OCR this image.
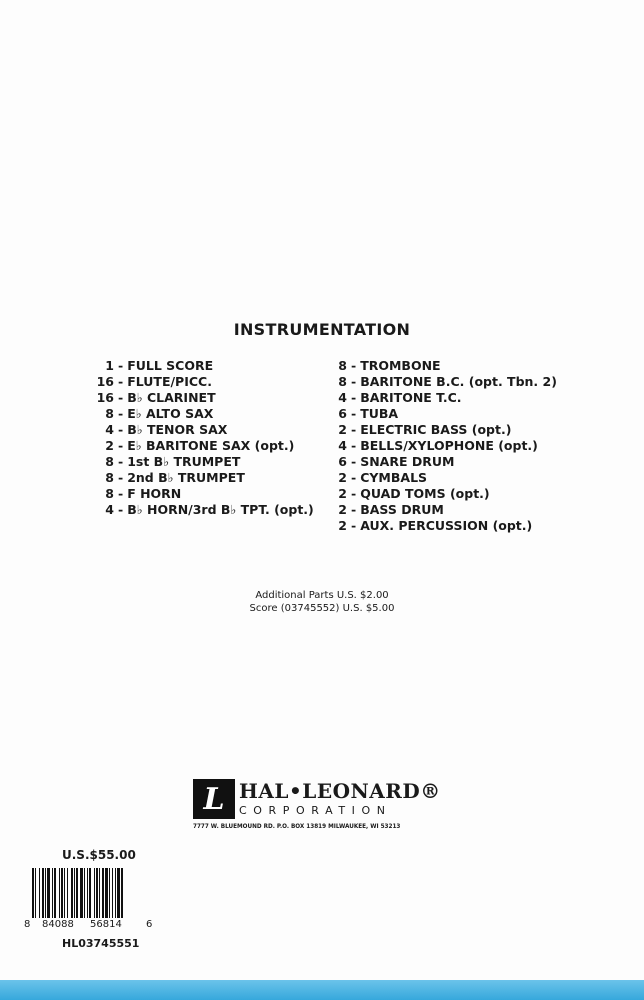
INSTRUMENTATION
1 - FULL SCORE
16 - FLUTE/PICC.
16 - B♭ CLARINET
8 - E♭ ALTO SAX
4 - B♭ TENOR SAX
2 - E♭ BARITONE SAX (opt.)
8 - 1st B♭ TRUMPET
8 - 2nd B♭ TRUMPET
8 - F HORN
4 - B♭ HORN/3rd B♭ TPT. (opt.)
8 - TROMBONE
8 - BARITONE B.C. (opt. Tbn. 2)
4 - BARITONE T.C.
6 - TUBA
2 - ELECTRIC BASS (opt.)
4 - BELLS/XYLOPHONE (opt.)
6 - SNARE DRUM
2 - CYMBALS
2 - QUAD TOMS (opt.)
2 - BASS DRUM
2 - AUX. PERCUSSION (opt.)
Additional Parts U.S. $2.00
Score (03745552) U.S. $5.00
L HAL•LEONARD®
CORPORATION
7777 W. BLUEMOUND RD. P.O. BOX 13819 MILWAUKEE, WI 53213
U.S.$55.00
8 84088 56814 6
HL03745551
